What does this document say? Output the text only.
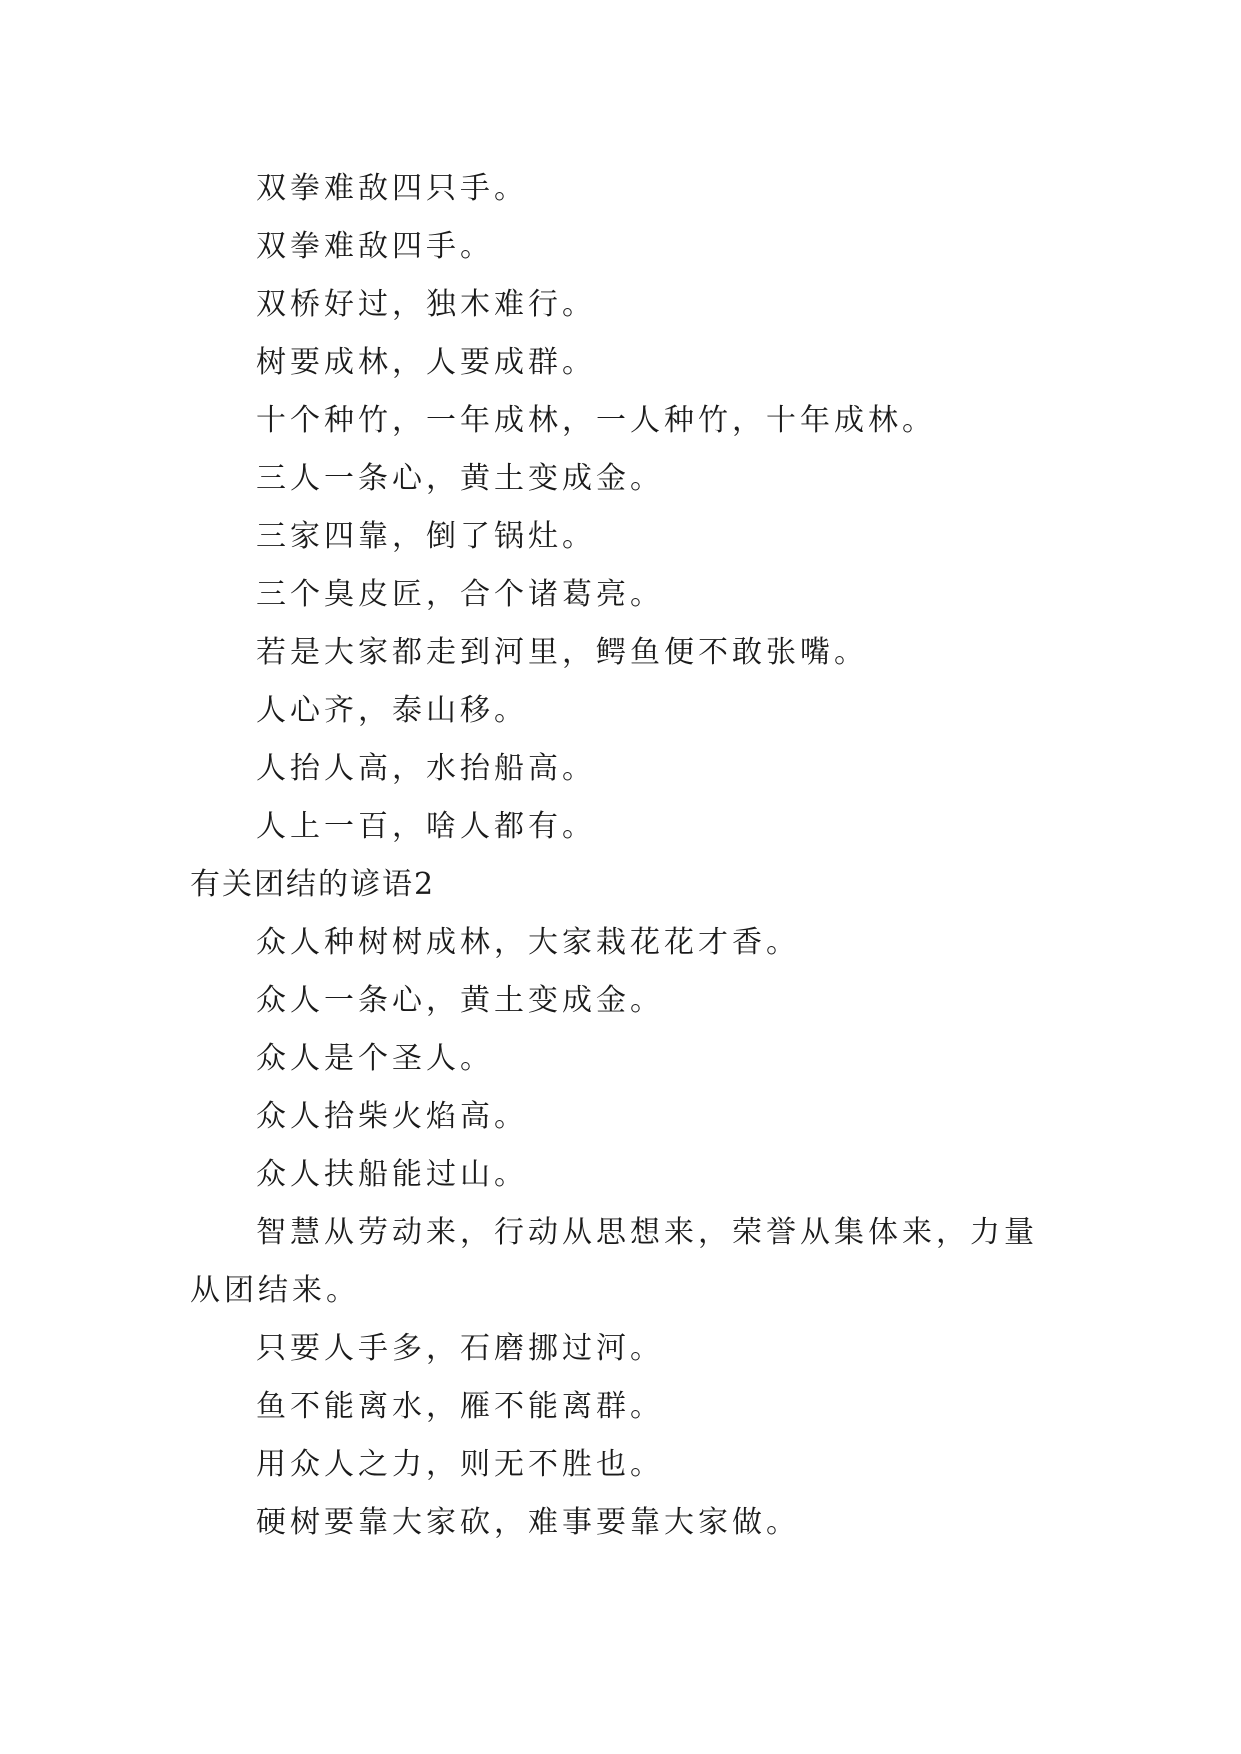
双拳难敌四只手。
双拳难敌四手。
双桥好过，独木难行。
树要成林，人要成群。
十个种竹，一年成林，一人种竹，十年成林。
三人一条心，黄土变成金。
三家四靠，倒了锅灶。
三个臭皮匠，合个诸葛亮。
若是大家都走到河里，鳄鱼便不敢张嘴。
人心齐，泰山移。
人抬人高，水抬船高。
人上一百，啥人都有。
有关团结的谚语2
众人种树树成林，大家栽花花才香。
众人一条心，黄土变成金。
众人是个圣人。
众人拾柴火焰高。
众人扶船能过山。
智慧从劳动来，行动从思想来，荣誉从集体来，力量从团结来。
只要人手多，石磨挪过河。
鱼不能离水，雁不能离群。
用众人之力，则无不胜也。
硬树要靠大家砍，难事要靠大家做。
